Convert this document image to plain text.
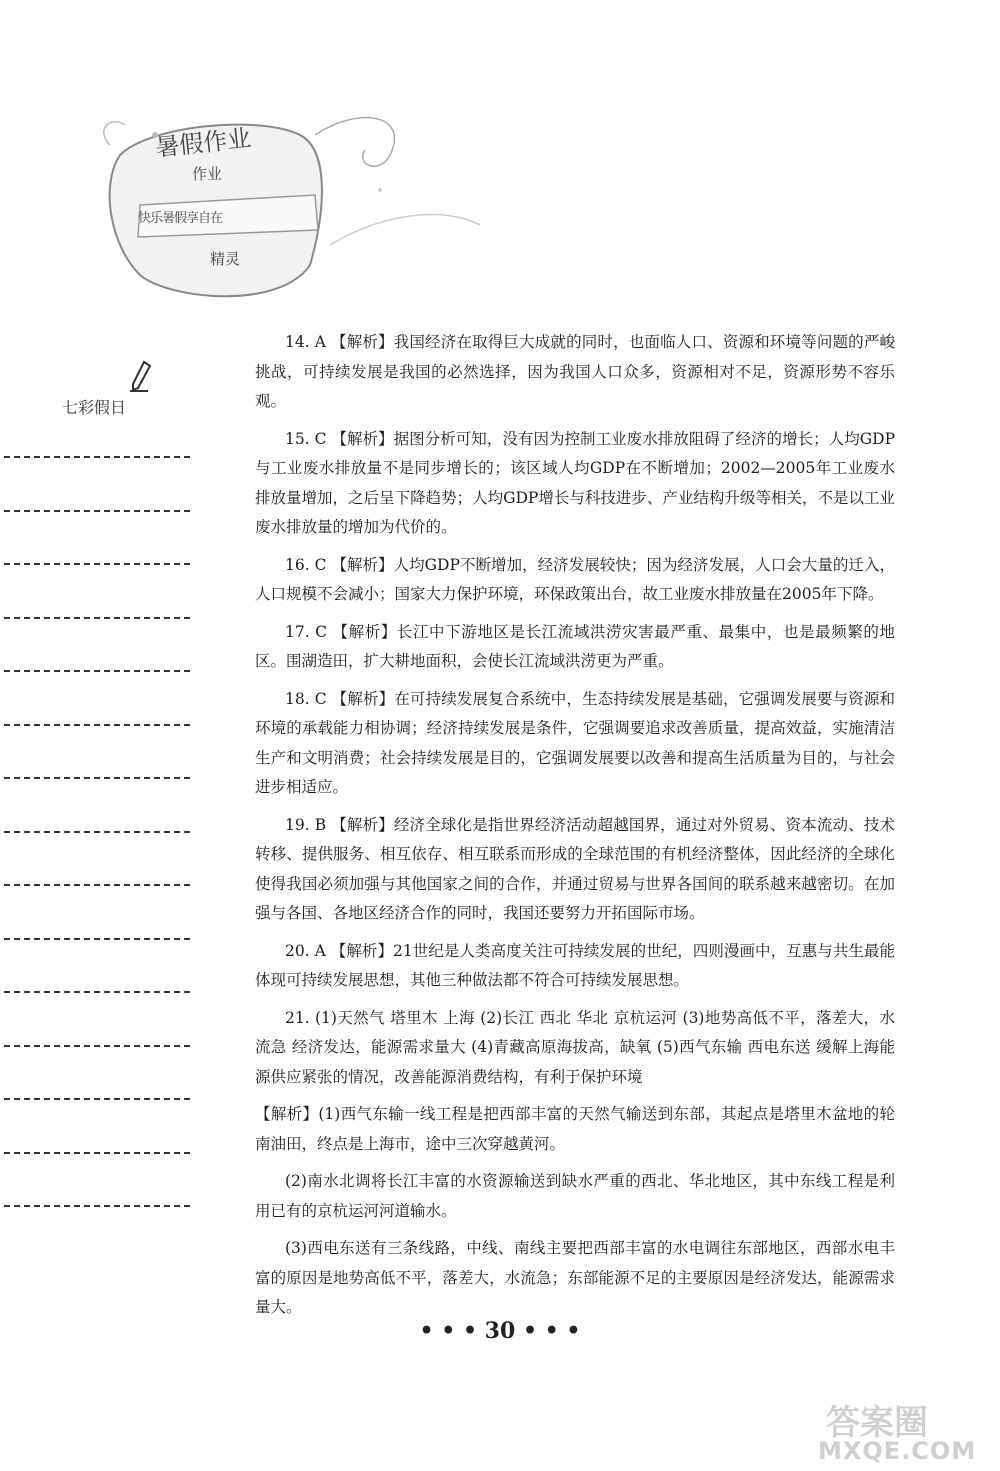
暑假作业
作业
快乐暑假享自在
精灵
七彩假日

14. A 【解析】我国经济在取得巨大成就的同时，也面临人口、资源和环境等问题的严峻挑战，可持续发展是我国的必然选择，因为我国人口众多，资源相对不足，资源形势不容乐观。

15. C 【解析】据图分析可知，没有因为控制工业废水排放阻碍了经济的增长；人均GDP与工业废水排放量不是同步增长的；该区域人均GDP在不断增加；2002—2005年工业废水排放量增加，之后呈下降趋势；人均GDP增长与科技进步、产业结构升级等相关，不是以工业废水排放量的增加为代价的。

16. C 【解析】人均GDP不断增加，经济发展较快；因为经济发展，人口会大量的迁入，人口规模不会减小；国家大力保护环境，环保政策出台，故工业废水排放量在2005年下降。

17. C 【解析】长江中下游地区是长江流域洪涝灾害最严重、最集中，也是最频繁的地区。围湖造田，扩大耕地面积，会使长江流域洪涝更为严重。

18. C 【解析】在可持续发展复合系统中，生态持续发展是基础，它强调发展要与资源和环境的承载能力相协调；经济持续发展是条件，它强调要追求改善质量，提高效益，实施清洁生产和文明消费；社会持续发展是目的，它强调发展要以改善和提高生活质量为目的，与社会进步相适应。

19. B 【解析】经济全球化是指世界经济活动超越国界，通过对外贸易、资本流动、技术转移、提供服务、相互依存、相互联系而形成的全球范围的有机经济整体，因此经济的全球化使得我国必须加强与其他国家之间的合作，并通过贸易与世界各国间的联系越来越密切。在加强与各国、各地区经济合作的同时，我国还要努力开拓国际市场。

20. A 【解析】21世纪是人类高度关注可持续发展的世纪，四则漫画中，互惠与共生最能体现可持续发展思想，其他三种做法都不符合可持续发展思想。

21. (1)天然气 塔里木 上海 (2)长江 西北 华北 京杭运河 (3)地势高低不平，落差大，水流急 经济发达，能源需求量大 (4)青藏高原海拔高，缺氧 (5)西气东输 西电东送 缓解上海能源供应紧张的情况，改善能源消费结构，有利于保护环境

【解析】(1)西气东输一线工程是把西部丰富的天然气输送到东部，其起点是塔里木盆地的轮南油田，终点是上海市，途中三次穿越黄河。

(2)南水北调将长江丰富的水资源输送到缺水严重的西北、华北地区，其中东线工程是利用已有的京杭运河河道输水。

(3)西电东送有三条线路，中线、南线主要把西部丰富的水电调往东部地区，西部水电丰富的原因是地势高低不平，落差大，水流急；东部能源不足的主要原因是经济发达，能源需求量大。

• • • 30 • • •
答案圈
MXQE.COM
